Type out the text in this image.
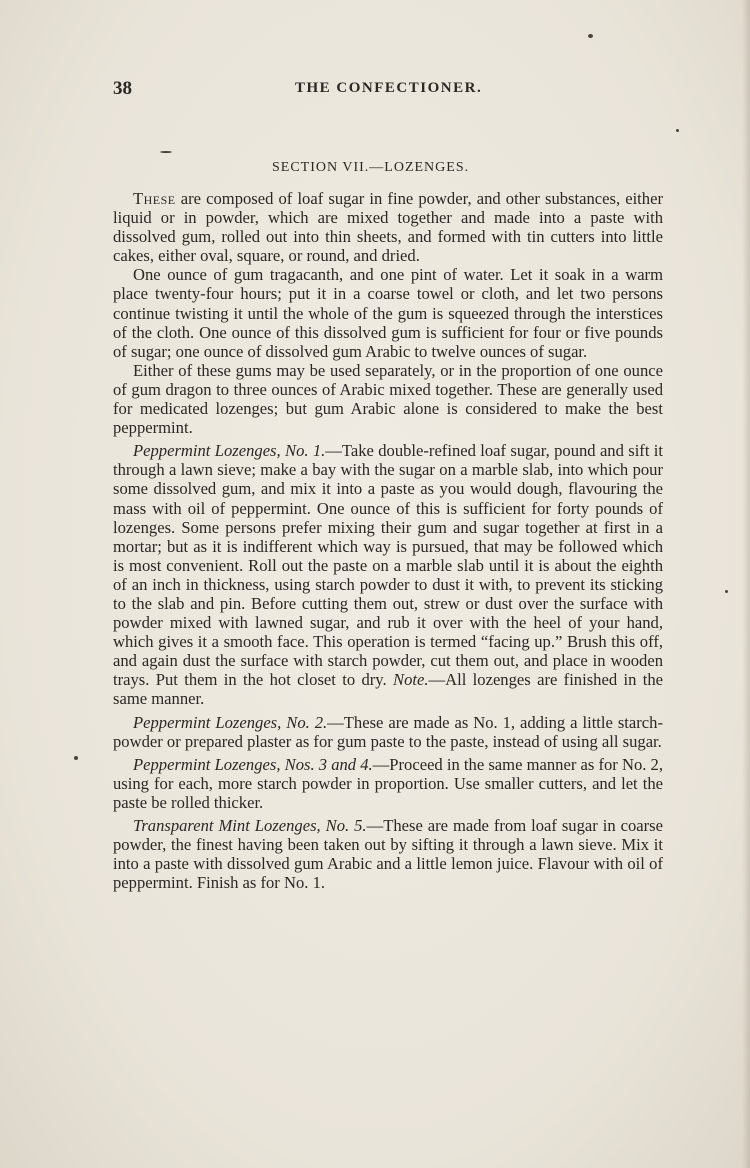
38	THE CONFECTIONER.
SECTION VII.—LOZENGES.

These are composed of loaf sugar in fine powder, and other substances, either liquid or in powder, which are mixed together and made into a paste with dissolved gum, rolled out into thin sheets, and formed with tin cutters into little cakes, either oval, square, or round, and dried.

One ounce of gum tragacanth, and one pint of water. Let it soak in a warm place twenty-four hours; put it in a coarse towel or cloth, and let two persons continue twisting it until the whole of the gum is squeezed through the interstices of the cloth. One ounce of this dissolved gum is sufficient for four or five pounds of sugar; one ounce of dissolved gum Arabic to twelve ounces of sugar.

Either of these gums may be used separately, or in the proportion of one ounce of gum dragon to three ounces of Arabic mixed together. These are generally used for medicated lozenges; but gum Arabic alone is considered to make the best peppermint.

Peppermint Lozenges, No. 1.—Take double-refined loaf sugar, pound and sift it through a lawn sieve; make a bay with the sugar on a marble slab, into which pour some dissolved gum, and mix it into a paste as you would dough, flavouring the mass with oil of peppermint. One ounce of this is sufficient for forty pounds of lozenges. Some persons prefer mixing their gum and sugar together at first in a mortar; but as it is indifferent which way is pursued, that may be followed which is most convenient. Roll out the paste on a marble slab until it is about the eighth of an inch in thickness, using starch powder to dust it with, to prevent its sticking to the slab and pin. Before cutting them out, strew or dust over the surface with powder mixed with lawned sugar, and rub it over with the heel of your hand, which gives it a smooth face. This operation is termed “facing up.” Brush this off, and again dust the surface with starch powder, cut them out, and place in wooden trays. Put them in the hot closet to dry. Note.—All lozenges are finished in the same manner.

Peppermint Lozenges, No. 2.—These are made as No. 1, adding a little starch-powder or prepared plaster as for gum paste to the paste, instead of using all sugar.

Peppermint Lozenges, Nos. 3 and 4.—Proceed in the same manner as for No. 2, using for each, more starch powder in proportion. Use smaller cutters, and let the paste be rolled thicker.

Transparent Mint Lozenges, No. 5.—These are made from loaf sugar in coarse powder, the finest having been taken out by sifting it through a lawn sieve. Mix it into a paste with dissolved gum Arabic and a little lemon juice. Flavour with oil of peppermint. Finish as for No. 1.
